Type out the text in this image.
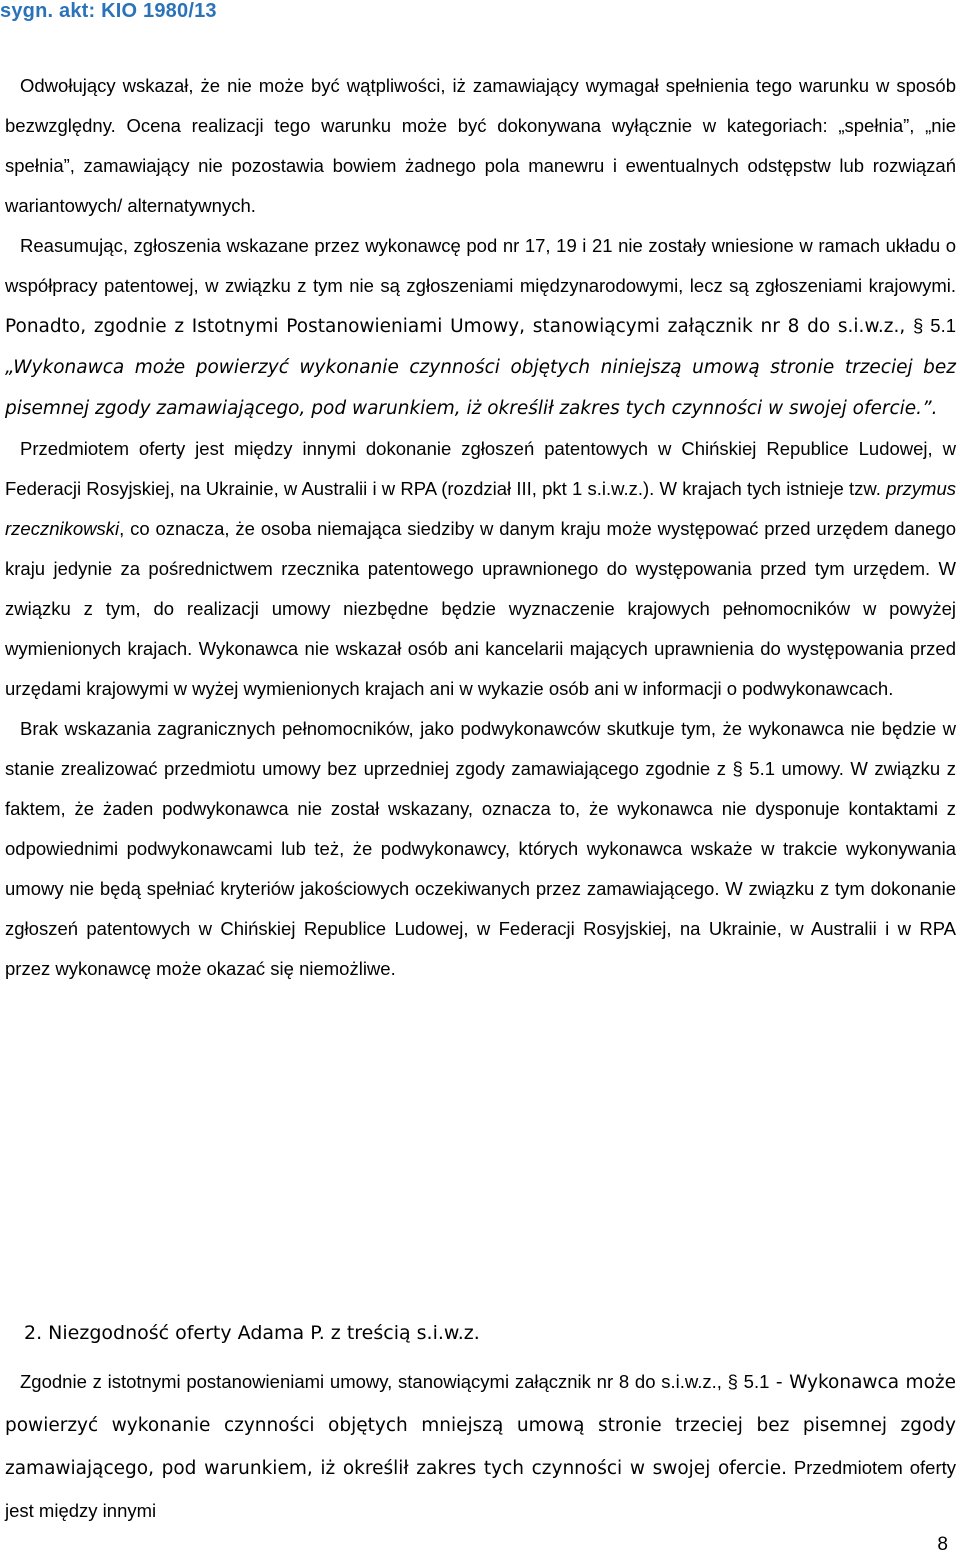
sygn. akt: KIO 1980/13

Odwołujący wskazał, że nie może być wątpliwości, iż zamawiający wymagał spełnienia tego warunku w sposób bezwzględny. Ocena realizacji tego warunku może być dokonywana wyłącznie w kategoriach: „spełnia”, „nie spełnia”, zamawiający nie pozostawia bowiem żadnego pola manewru i ewentualnych odstępstw lub rozwiązań wariantowych/ alternatywnych.

Reasumując, zgłoszenia wskazane przez wykonawcę pod nr 17, 19 i 21 nie zostały wniesione w ramach układu o współpracy patentowej, w związku z tym nie są zgłoszeniami międzynarodowymi, lecz są zgłoszeniami krajowymi. Ponadto, zgodnie z Istotnymi Postanowieniami Umowy, stanowiącymi załącznik nr 8 do s.i.w.z., § 5.1 „Wykonawca może powierzyć wykonanie czynności objętych niniejszą umową stronie trzeciej bez pisemnej zgody zamawiającego, pod warunkiem, iż określił zakres tych czynności w swojej ofercie.”.

Przedmiotem oferty jest między innymi dokonanie zgłoszeń patentowych w Chińskiej Republice Ludowej, w Federacji Rosyjskiej, na Ukrainie, w Australii i w RPA (rozdział III, pkt 1 s.i.w.z.). W krajach tych istnieje tzw. przymus rzecznikowski, co oznacza, że osoba niemająca siedziby w danym kraju może występować przed urzędem danego kraju jedynie za pośrednictwem rzecznika patentowego uprawnionego do występowania przed tym urzędem. W związku z tym, do realizacji umowy niezbędne będzie wyznaczenie krajowych pełnomocników w powyżej wymienionych krajach. Wykonawca nie wskazał osób ani kancelarii mających uprawnienia do występowania przed urzędami krajowymi w wyżej wymienionych krajach ani w wykazie osób ani w informacji o podwykonawcach.

Brak wskazania zagranicznych pełnomocników, jako podwykonawców skutkuje tym, że wykonawca nie będzie w stanie zrealizować przedmiotu umowy bez uprzedniej zgody zamawiającego zgodnie z § 5.1 umowy. W związku z faktem, że żaden podwykonawca nie został wskazany, oznacza to, że wykonawca nie dysponuje kontaktami z odpowiednimi podwykonawcami lub też, że podwykonawcy, których wykonawca wskaże w trakcie wykonywania umowy nie będą spełniać kryteriów jakościowych oczekiwanych przez zamawiającego. W związku z tym dokonanie zgłoszeń patentowych w Chińskiej Republice Ludowej, w Federacji Rosyjskiej, na Ukrainie, w Australii i w RPA przez wykonawcę może okazać się niemożliwe.

2. Niezgodność oferty Adama P. z treścią s.i.w.z.

Zgodnie z istotnymi postanowieniami umowy, stanowiącymi załącznik nr 8 do s.i.w.z., § 5.1 - Wykonawca może powierzyć wykonanie czynności objętych mniejszą umową stronie trzeciej bez pisemnej zgody zamawiającego, pod warunkiem, iż określił zakres tych czynności w swojej ofercie. Przedmiotem oferty jest między innymi

8
